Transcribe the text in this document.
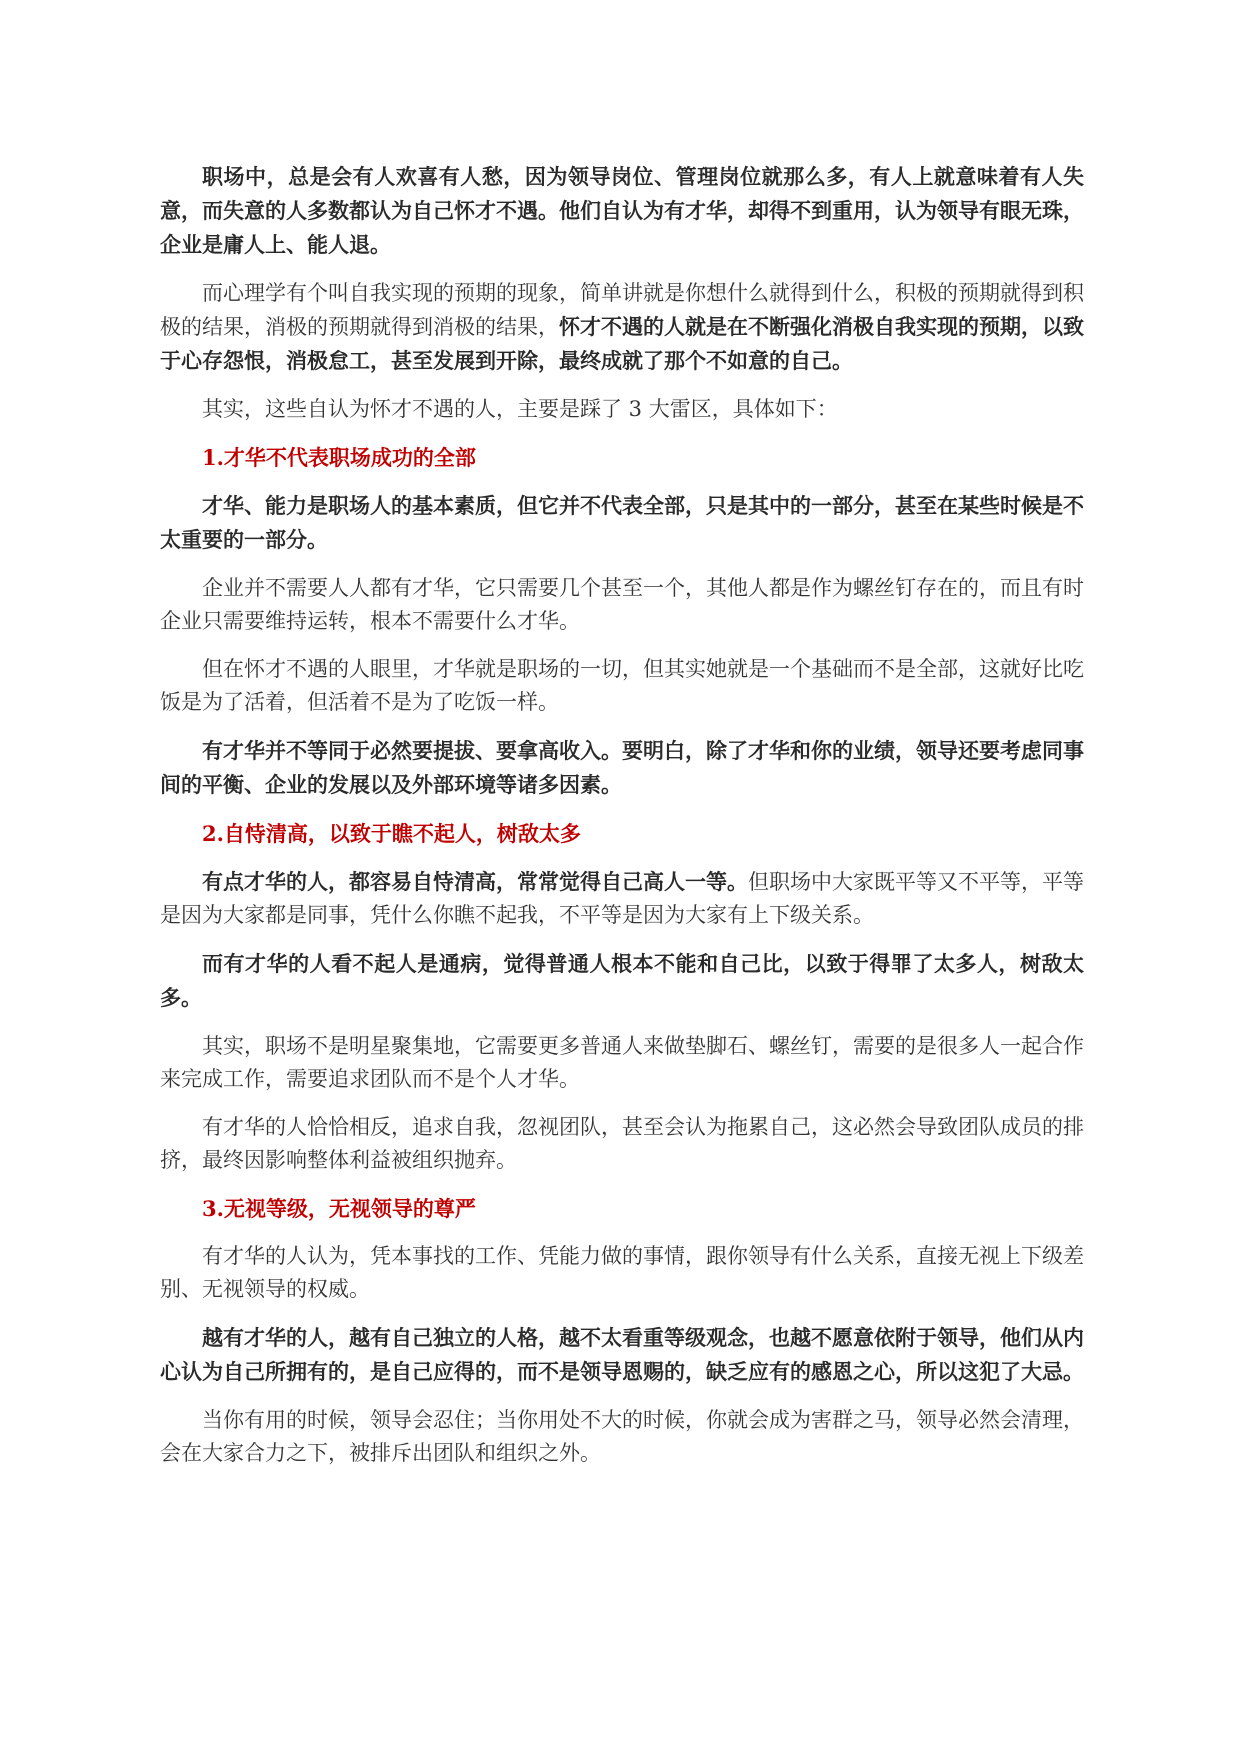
职场中，总是会有人欢喜有人愁，因为领导岗位、管理岗位就那么多，有人上就意味着有人失意，而失意的人多数都认为自己怀才不遇。他们自认为有才华，却得不到重用，认为领导有眼无珠，企业是庸人上、能人退。

而心理学有个叫自我实现的预期的现象，简单讲就是你想什么就得到什么，积极的预期就得到积极的结果，消极的预期就得到消极的结果，怀才不遇的人就是在不断强化消极自我实现的预期，以致于心存怨恨，消极怠工，甚至发展到开除，最终成就了那个不如意的自己。

其实，这些自认为怀才不遇的人，主要是踩了 3 大雷区，具体如下：

1.才华不代表职场成功的全部

才华、能力是职场人的基本素质，但它并不代表全部，只是其中的一部分，甚至在某些时候是不太重要的一部分。

企业并不需要人人都有才华，它只需要几个甚至一个，其他人都是作为螺丝钉存在的，而且有时企业只需要维持运转，根本不需要什么才华。

但在怀才不遇的人眼里，才华就是职场的一切，但其实她就是一个基础而不是全部，这就好比吃饭是为了活着，但活着不是为了吃饭一样。

有才华并不等同于必然要提拔、要拿高收入。要明白，除了才华和你的业绩，领导还要考虑同事间的平衡、企业的发展以及外部环境等诸多因素。

2.自恃清高，以致于瞧不起人，树敌太多

有点才华的人，都容易自恃清高，常常觉得自己高人一等。但职场中大家既平等又不平等，平等是因为大家都是同事，凭什么你瞧不起我，不平等是因为大家有上下级关系。

而有才华的人看不起人是通病，觉得普通人根本不能和自己比，以致于得罪了太多人，树敌太多。

其实，职场不是明星聚集地，它需要更多普通人来做垫脚石、螺丝钉，需要的是很多人一起合作来完成工作，需要追求团队而不是个人才华。

有才华的人恰恰相反，追求自我，忽视团队，甚至会认为拖累自己，这必然会导致团队成员的排挤，最终因影响整体利益被组织抛弃。

3.无视等级，无视领导的尊严

有才华的人认为，凭本事找的工作、凭能力做的事情，跟你领导有什么关系，直接无视上下级差别、无视领导的权威。

越有才华的人，越有自己独立的人格，越不太看重等级观念，也越不愿意依附于领导，他们从内心认为自己所拥有的，是自己应得的，而不是领导恩赐的，缺乏应有的感恩之心，所以这犯了大忌。

当你有用的时候，领导会忍住；当你用处不大的时候，你就会成为害群之马，领导必然会清理，会在大家合力之下，被排斥出团队和组织之外。
